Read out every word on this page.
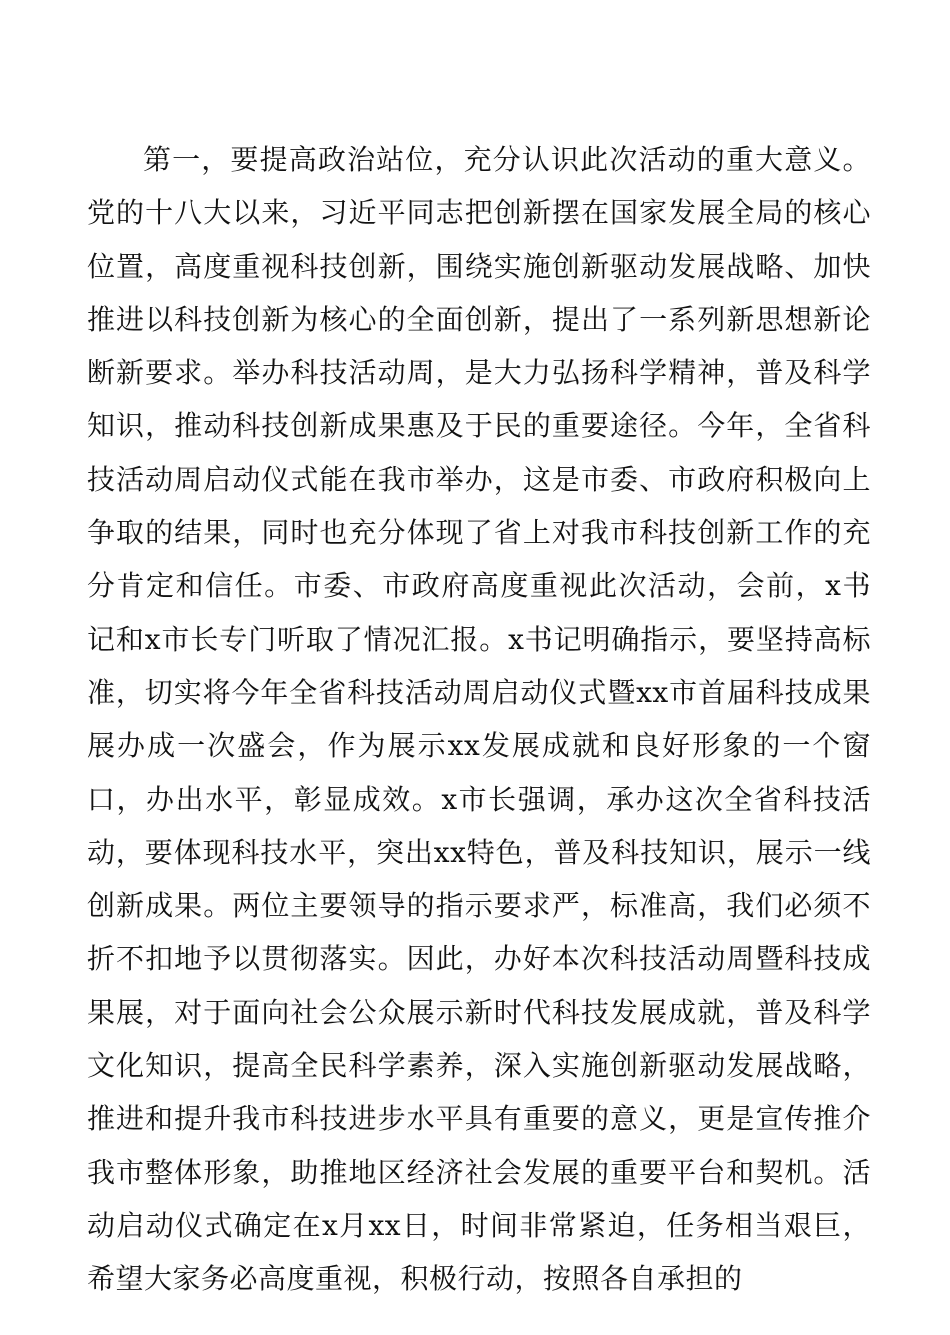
第一，要提高政治站位，充分认识此次活动的重大意义。党的十八大以来，习近平同志把创新摆在国家发展全局的核心位置，高度重视科技创新，围绕实施创新驱动发展战略、加快推进以科技创新为核心的全面创新，提出了一系列新思想新论断新要求。举办科技活动周，是大力弘扬科学精神，普及科学知识，推动科技创新成果惠及于民的重要途径。今年，全省科技活动周启动仪式能在我市举办，这是市委、市政府积极向上争取的结果，同时也充分体现了省上对我市科技创新工作的充分肯定和信任。市委、市政府高度重视此次活动，会前，x书记和x市长专门听取了情况汇报。x书记明确指示，要坚持高标准，切实将今年全省科技活动周启动仪式暨xx市首届科技成果展办成一次盛会，作为展示xx发展成就和良好形象的一个窗口，办出水平，彰显成效。x市长强调，承办这次全省科技活动，要体现科技水平，突出xx特色，普及科技知识，展示一线创新成果。两位主要领导的指示要求严，标准高，我们必须不折不扣地予以贯彻落实。因此，办好本次科技活动周暨科技成果展，对于面向社会公众展示新时代科技发展成就，普及科学文化知识，提高全民科学素养，深入实施创新驱动发展战略，推进和提升我市科技进步水平具有重要的意义，更是宣传推介我市整体形象，助推地区经济社会发展的重要平台和契机。活动启动仪式确定在x月xx日，时间非常紧迫，任务相当艰巨，希望大家务必高度重视，积极行动，按照各自承担的
